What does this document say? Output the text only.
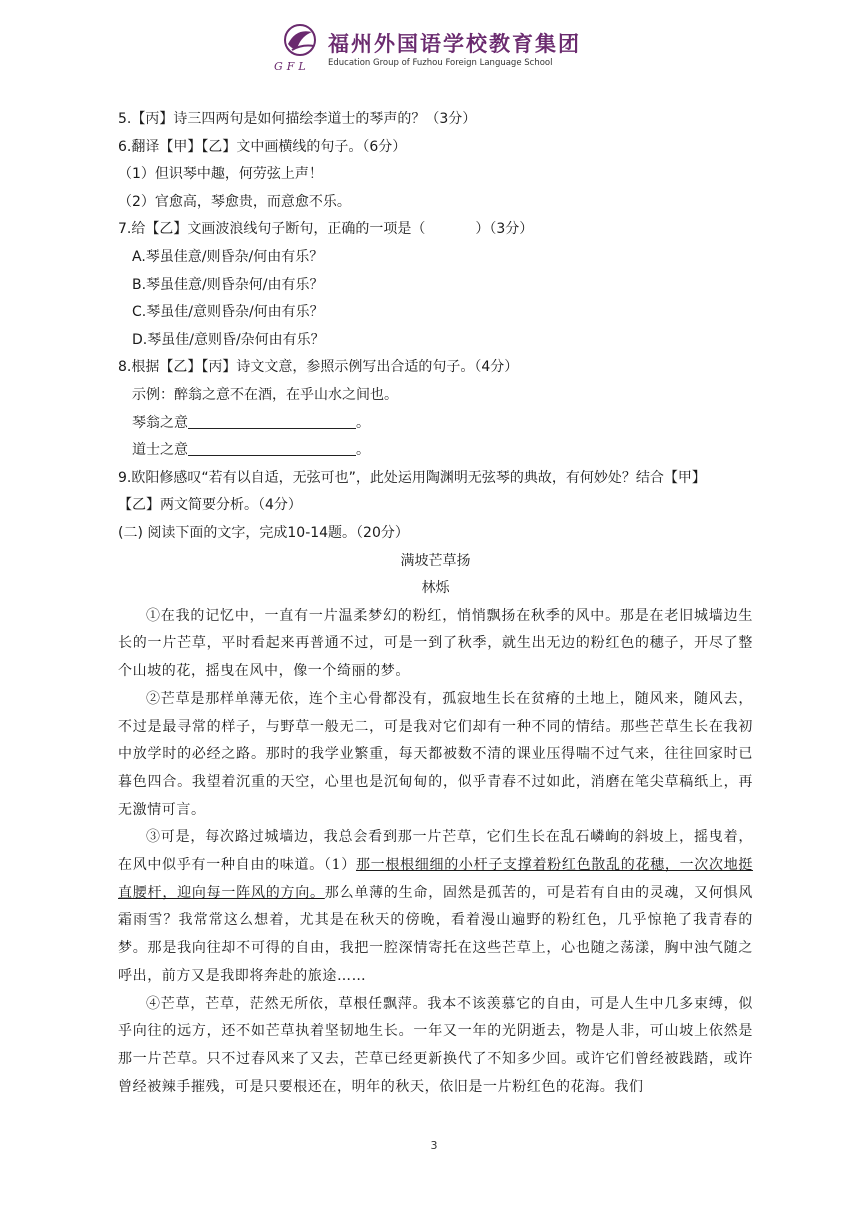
GFL
福州外国语学校教育集团
Education Group of Fuzhou Foreign Language School
5.【丙】诗三四两句是如何描绘李道士的琴声的？（3分）
6.翻译【甲】【乙】文中画横线的句子。（6分）
（1）但识琴中趣，何劳弦上声！
（2）官愈高，琴愈贵，而意愈不乐。
7.给【乙】文画波浪线句子断句，正确的一项是（	）（3分）
A.琴虽佳意/则昏杂/何由有乐？
B.琴虽佳意/则昏杂何/由有乐？
C.琴虽佳/意则昏杂/何由有乐？
D.琴虽佳/意则昏/杂何由有乐？
8.根据【乙】【丙】诗文文意，参照示例写出合适的句子。（4分）
示例：醉翁之意不在酒，在乎山水之间也。
琴翁之意	。
道士之意	。
9.欧阳修感叹“若有以自适，无弦可也”，此处运用陶渊明无弦琴的典故，有何妙处？结合【甲】
【乙】两文简要分析。（4分）
(二) 阅读下面的文字，完成10-14题。（20分）
满坡芒草扬
林烁
①在我的记忆中，一直有一片温柔梦幻的粉红，悄悄飘扬在秋季的风中。那是在老旧城墙边生长的一片芒草，平时看起来再普通不过，可是一到了秋季，就生出无边的粉红色的穗子，开尽了整个山坡的花，摇曳在风中，像一个绮丽的梦。
②芒草是那样单薄无依，连个主心骨都没有，孤寂地生长在贫瘠的土地上，随风来，随风去，不过是最寻常的样子，与野草一般无二，可是我对它们却有一种不同的情结。那些芒草生长在我初中放学时的必经之路。那时的我学业繁重，每天都被数不清的课业压得喘不过气来，往往回家时已暮色四合。我望着沉重的天空，心里也是沉甸甸的，似乎青春不过如此，消磨在笔尖草稿纸上，再无激情可言。
③可是，每次路过城墙边，我总会看到那一片芒草，它们生长在乱石嶙峋的斜坡上，摇曳着，在风中似乎有一种自由的味道。（1）那一根根细细的小杆子支撑着粉红色散乱的花穗，一次次地挺直腰杆，迎向每一阵风的方向。那么单薄的生命，固然是孤苦的，可是若有自由的灵魂，又何惧风霜雨雪？我常常这么想着，尤其是在秋天的傍晚，看着漫山遍野的粉红色，几乎惊艳了我青春的梦。那是我向往却不可得的自由，我把一腔深情寄托在这些芒草上，心也随之荡漾，胸中浊气随之呼出，前方又是我即将奔赴的旅途……
④芒草，芒草，茫然无所依，草根任飘萍。我本不该羡慕它的自由，可是人生中几多束缚，似乎向往的远方，还不如芒草执着坚韧地生长。一年又一年的光阴逝去，物是人非，可山坡上依然是那一片芒草。只不过春风来了又去，芒草已经更新换代了不知多少回。或许它们曾经被践踏，或许曾经被辣手摧残，可是只要根还在，明年的秋天，依旧是一片粉红色的花海。我们
3
